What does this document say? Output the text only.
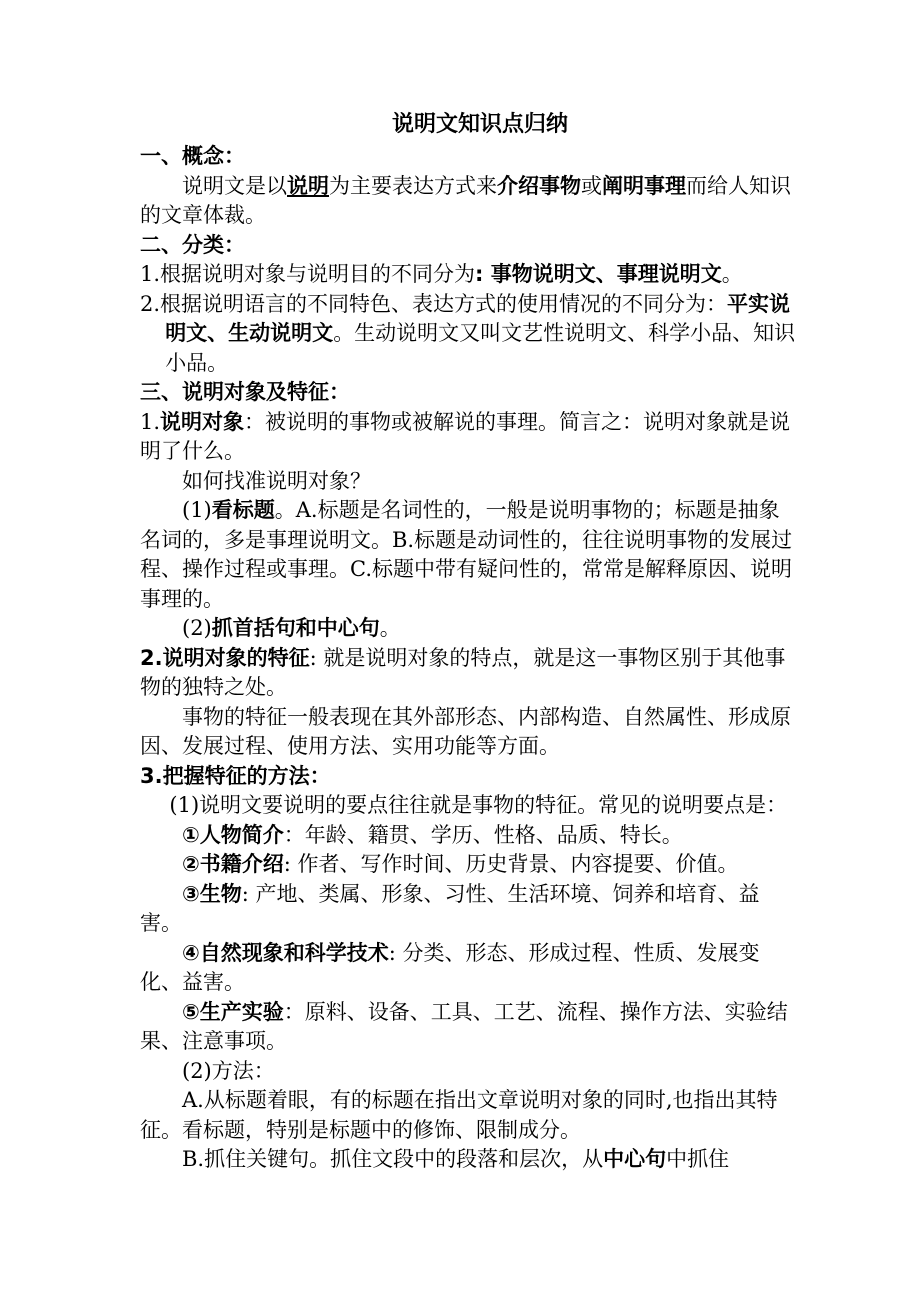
说明文知识点归纳
一、概念：

说明文是以说明为主要表达方式来介绍事物或阐明事理而给人知识的文章体裁。

二、分类：

1.根据说明对象与说明目的不同分为: 事物说明文、事理说明文。

2.根据说明语言的不同特色、表达方式的使用情况的不同分为：平实说明文、生动说明文。生动说明文又叫文艺性说明文、科学小品、知识小品。

三、说明对象及特征：

1.说明对象：被说明的事物或被解说的事理。简言之：说明对象就是说明了什么。

如何找准说明对象？

(1)看标题。A.标题是名词性的，一般是说明事物的；标题是抽象名词的，多是事理说明文。B.标题是动词性的，往往说明事物的发展过程、操作过程或事理。C.标题中带有疑问性的，常常是解释原因、说明事理的。

(2)抓首括句和中心句。

2.说明对象的特征: 就是说明对象的特点，就是这一事物区别于其他事物的独特之处。

事物的特征一般表现在其外部形态、内部构造、自然属性、形成原因、发展过程、使用方法、实用功能等方面。

3.把握特征的方法：

(1)说明文要说明的要点往往就是事物的特征。常见的说明要点是：

①人物简介：年龄、籍贯、学历、性格、品质、特长。

②书籍介绍: 作者、写作时间、历史背景、内容提要、价值。

③生物: 产地、类属、形象、习性、生活环境、饲养和培育、益害。

④自然现象和科学技术: 分类、形态、形成过程、性质、发展变化、益害。

⑤生产实验：原料、设备、工具、工艺、流程、操作方法、实验结果、注意事项。

(2)方法：

A.从标题着眼，有的标题在指出文章说明对象的同时,也指出其特征。看标题，特别是标题中的修饰、限制成分。

B.抓住关键句。抓住文段中的段落和层次，从中心句中抓住
